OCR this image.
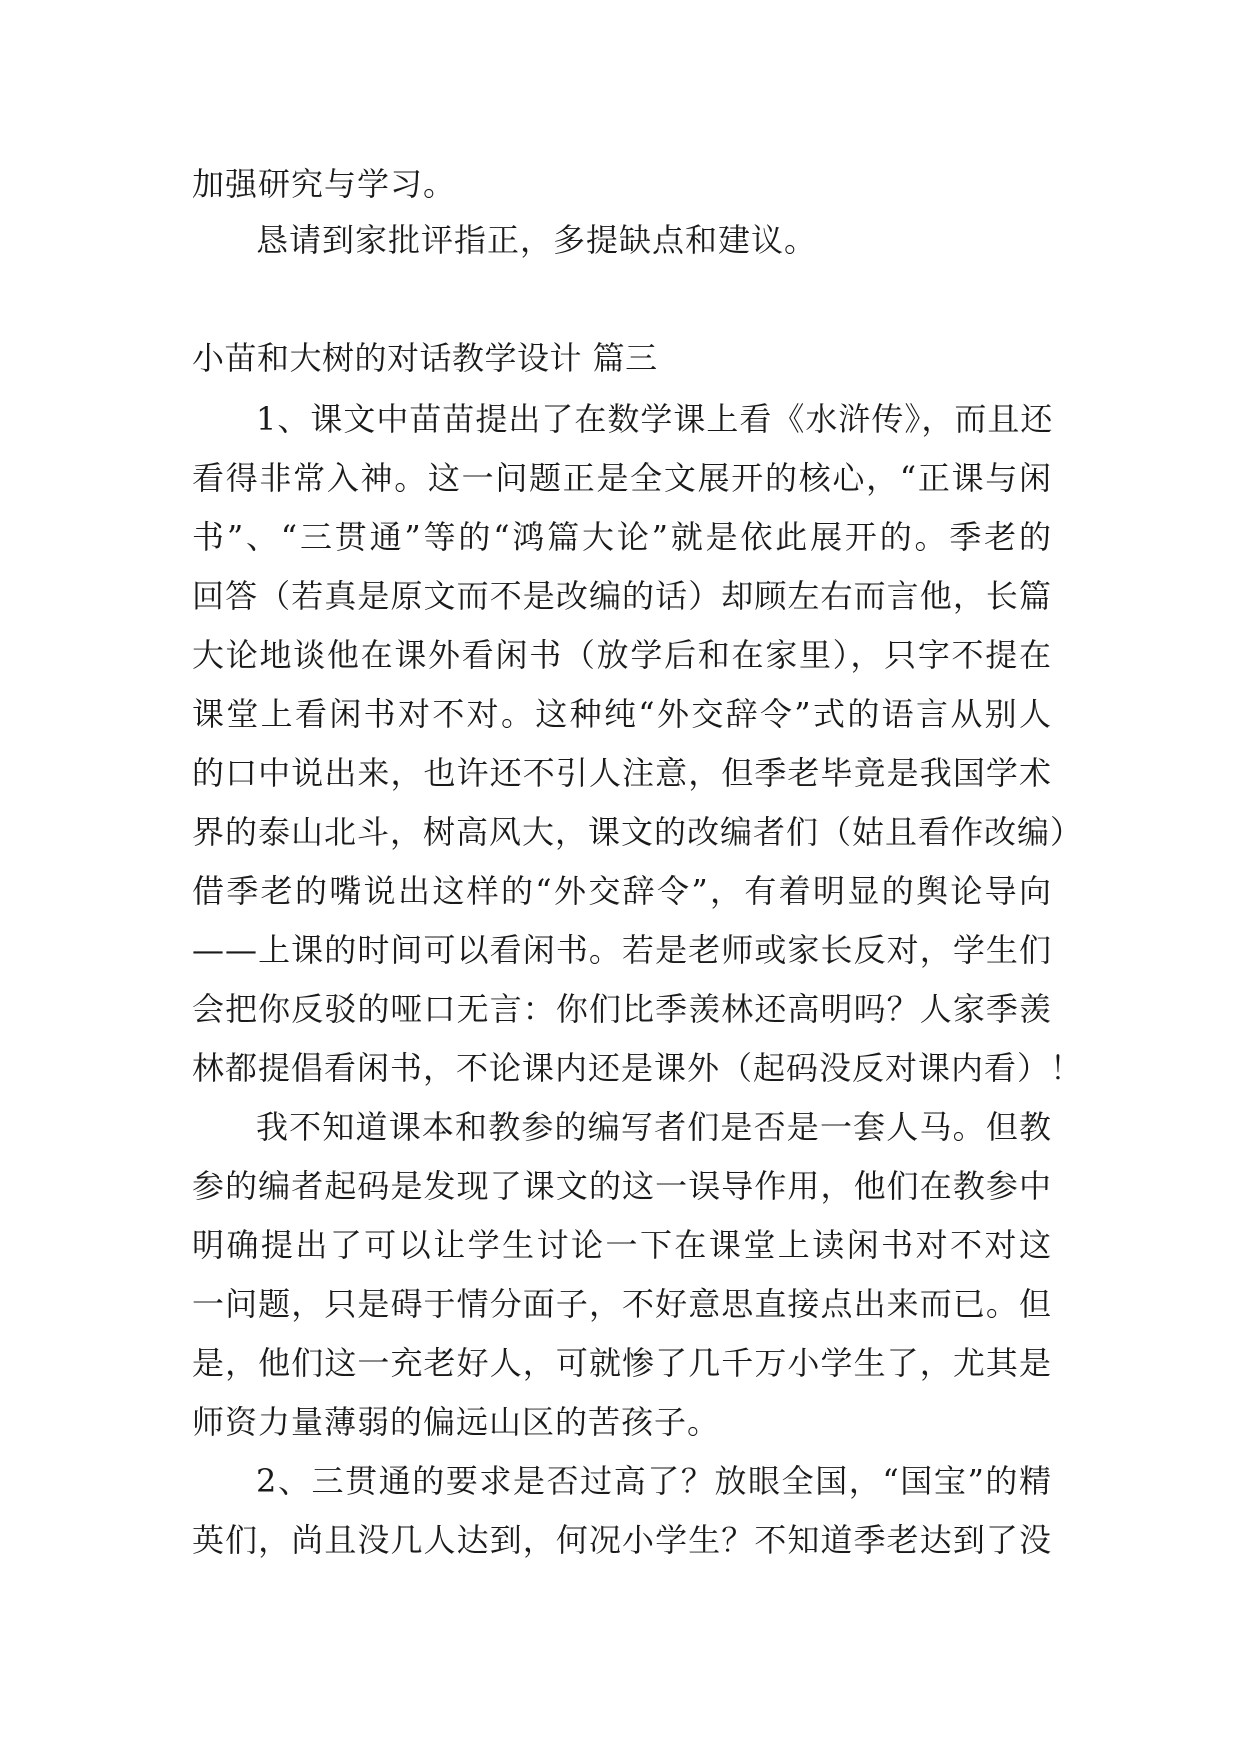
加强研究与学习。
恳请到家批评指正，多提缺点和建议。
小苗和大树的对话教学设计 篇三
1、课文中苗苗提出了在数学课上看《水浒传》，而且还
看得非常入神。这一问题正是全文展开的核心，“正课与闲
书”、“三贯通”等的“鸿篇大论”就是依此展开的。季老的
回答（若真是原文而不是改编的话）却顾左右而言他，长篇
大论地谈他在课外看闲书（放学后和在家里），只字不提在
课堂上看闲书对不对。这种纯“外交辞令”式的语言从别人
的口中说出来，也许还不引人注意，但季老毕竟是我国学术
界的泰山北斗，树高风大，课文的改编者们（姑且看作改编）
借季老的嘴说出这样的“外交辞令”，有着明显的舆论导向
——上课的时间可以看闲书。若是老师或家长反对，学生们
会把你反驳的哑口无言：你们比季羡林还高明吗？人家季羡
林都提倡看闲书，不论课内还是课外（起码没反对课内看）！
我不知道课本和教参的编写者们是否是一套人马。但教
参的编者起码是发现了课文的这一误导作用，他们在教参中
明确提出了可以让学生讨论一下在课堂上读闲书对不对这
一问题，只是碍于情分面子，不好意思直接点出来而已。但
是，他们这一充老好人，可就惨了几千万小学生了，尤其是
师资力量薄弱的偏远山区的苦孩子。
2、三贯通的要求是否过高了？放眼全国，“国宝”的精
英们，尚且没几人达到，何况小学生？不知道季老达到了没
